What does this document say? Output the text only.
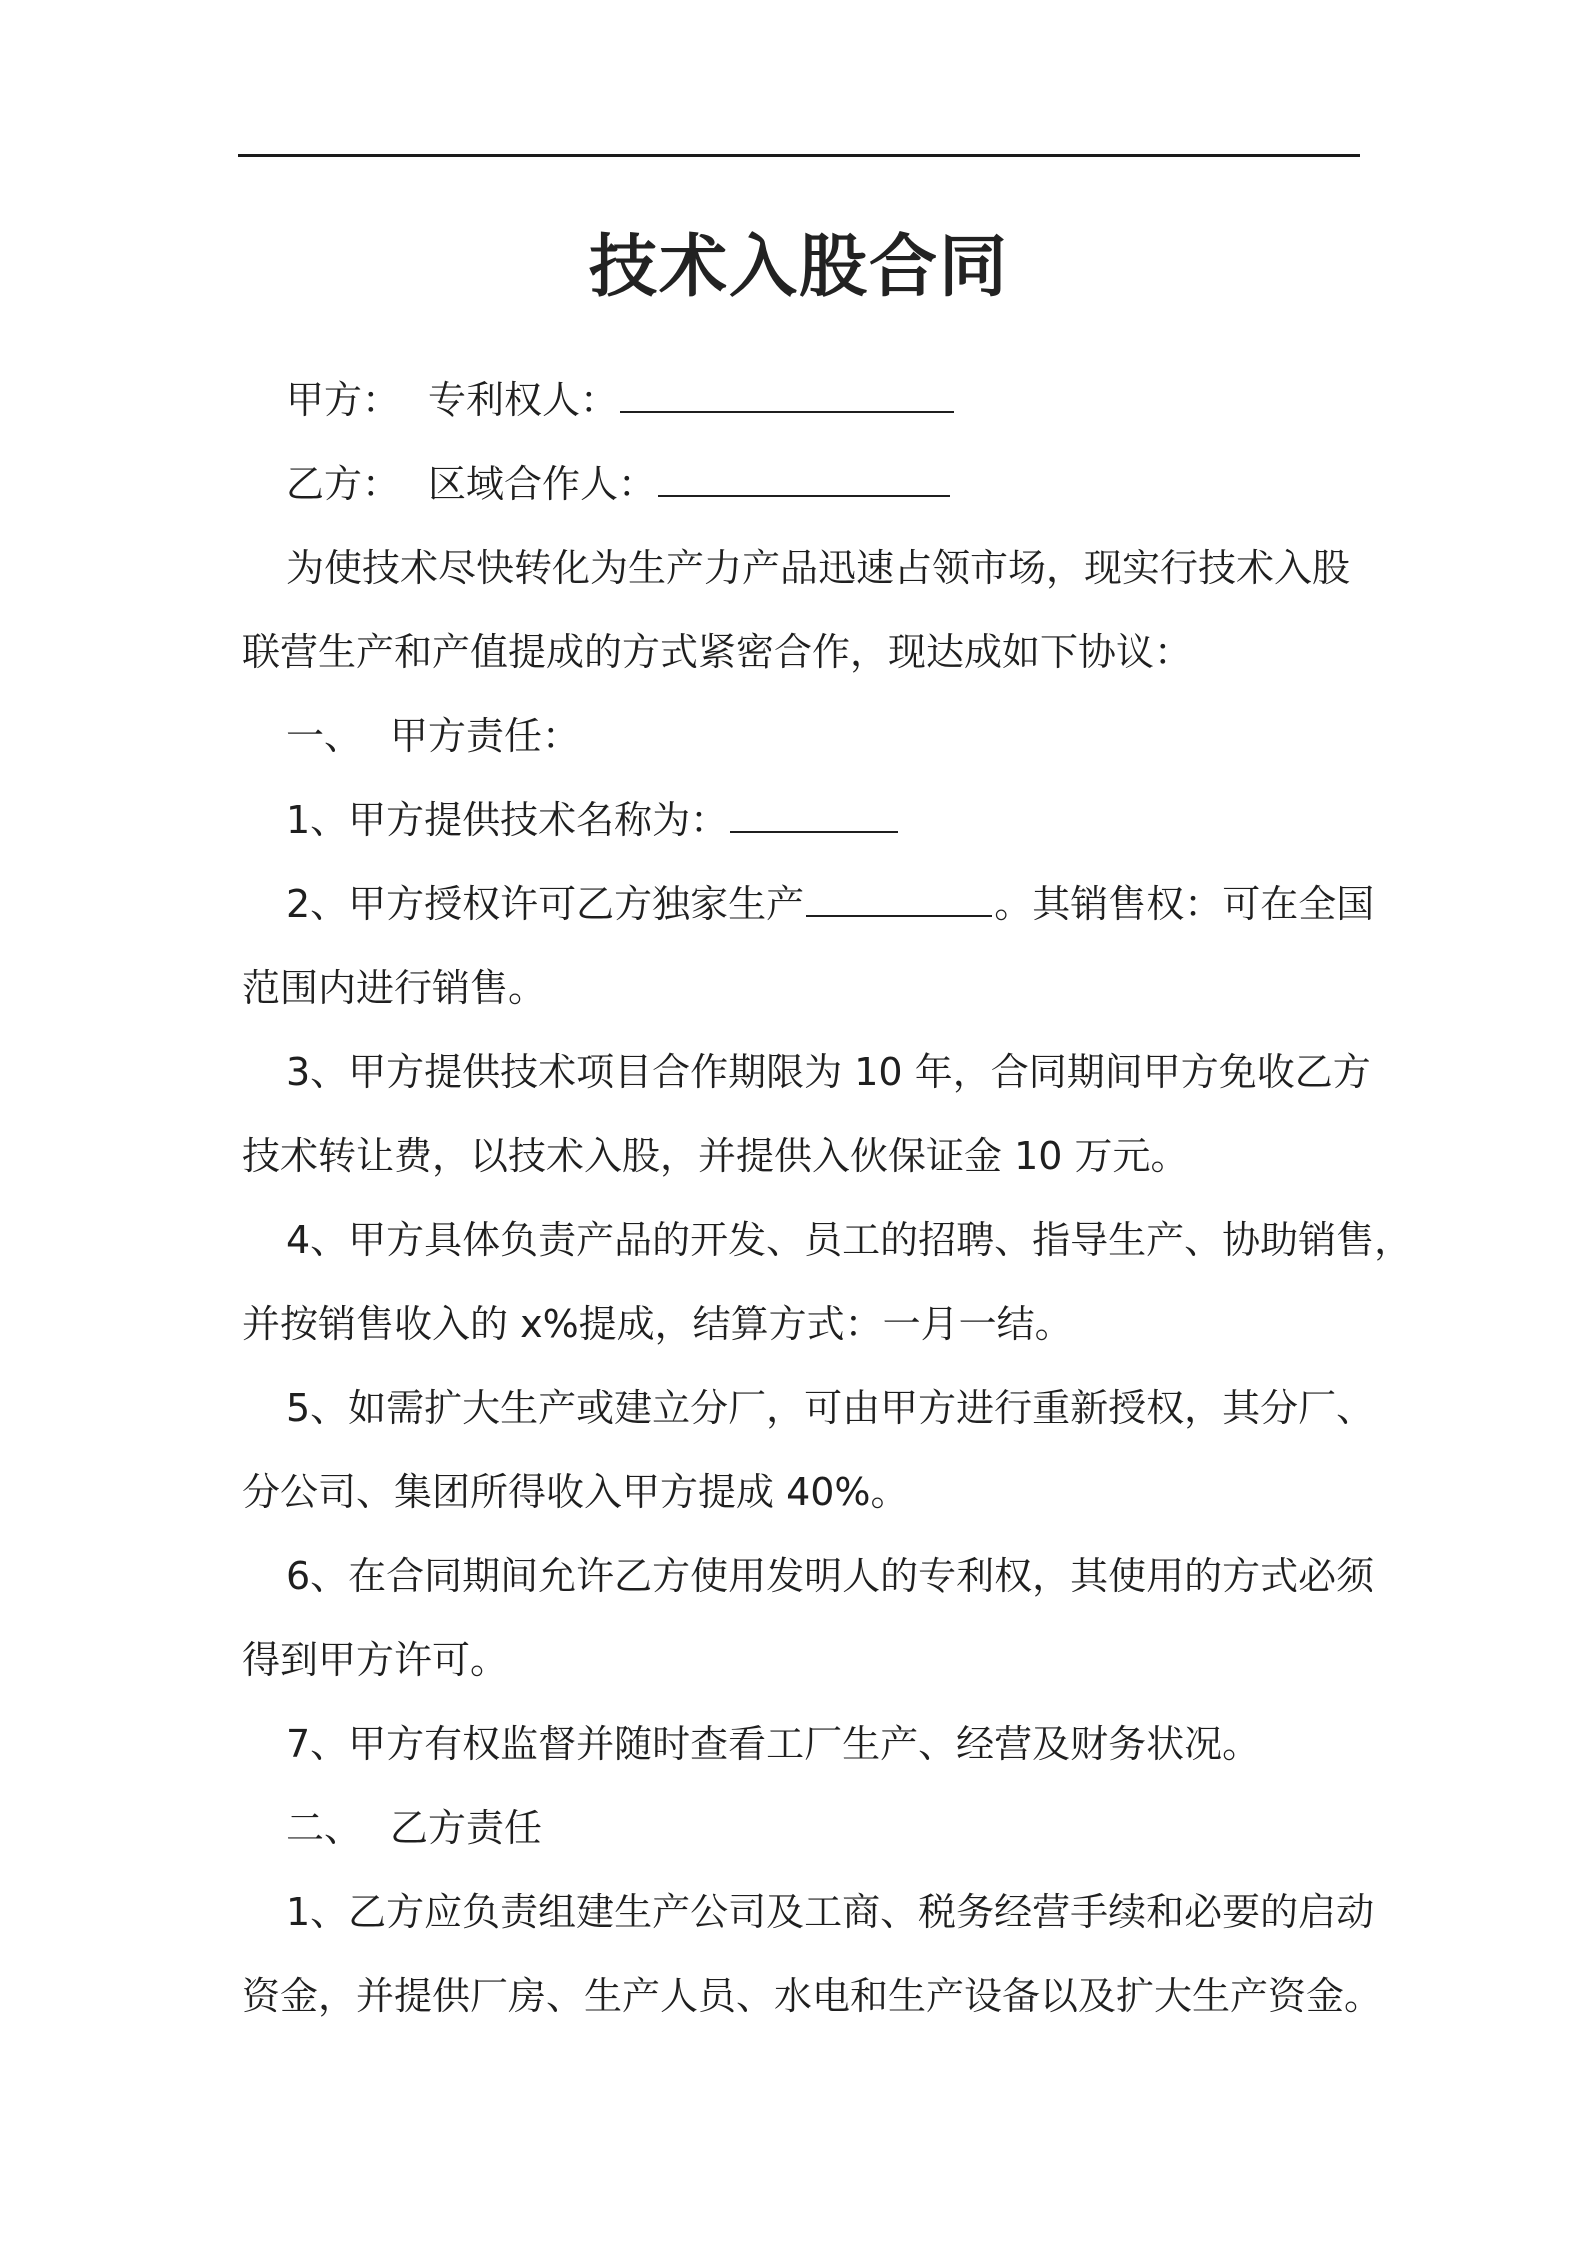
技术入股合同
甲方： 专利权人：
乙方： 区域合作人：
为使技术尽快转化为生产力产品迅速占领市场，现实行技术入股
联营生产和产值提成的方式紧密合作，现达成如下协议：
一、 甲方责任：
1、甲方提供技术名称为：
2、甲方授权许可乙方独家生产	。其销售权：可在全国
范围内进行销售。
3、甲方提供技术项目合作期限为 10 年，合同期间甲方免收乙方
技术转让费，以技术入股，并提供入伙保证金 10 万元。
4、甲方具体负责产品的开发、员工的招聘、指导生产、协助销售，
并按销售收入的 x%提成，结算方式：一月一结。
5、如需扩大生产或建立分厂，可由甲方进行重新授权，其分厂、
分公司、集团所得收入甲方提成 40%。
6、在合同期间允许乙方使用发明人的专利权，其使用的方式必须
得到甲方许可。
7、甲方有权监督并随时查看工厂生产、经营及财务状况。
二、 乙方责任
1、乙方应负责组建生产公司及工商、税务经营手续和必要的启动
资金，并提供厂房、生产人员、水电和生产设备以及扩大生产资金。
